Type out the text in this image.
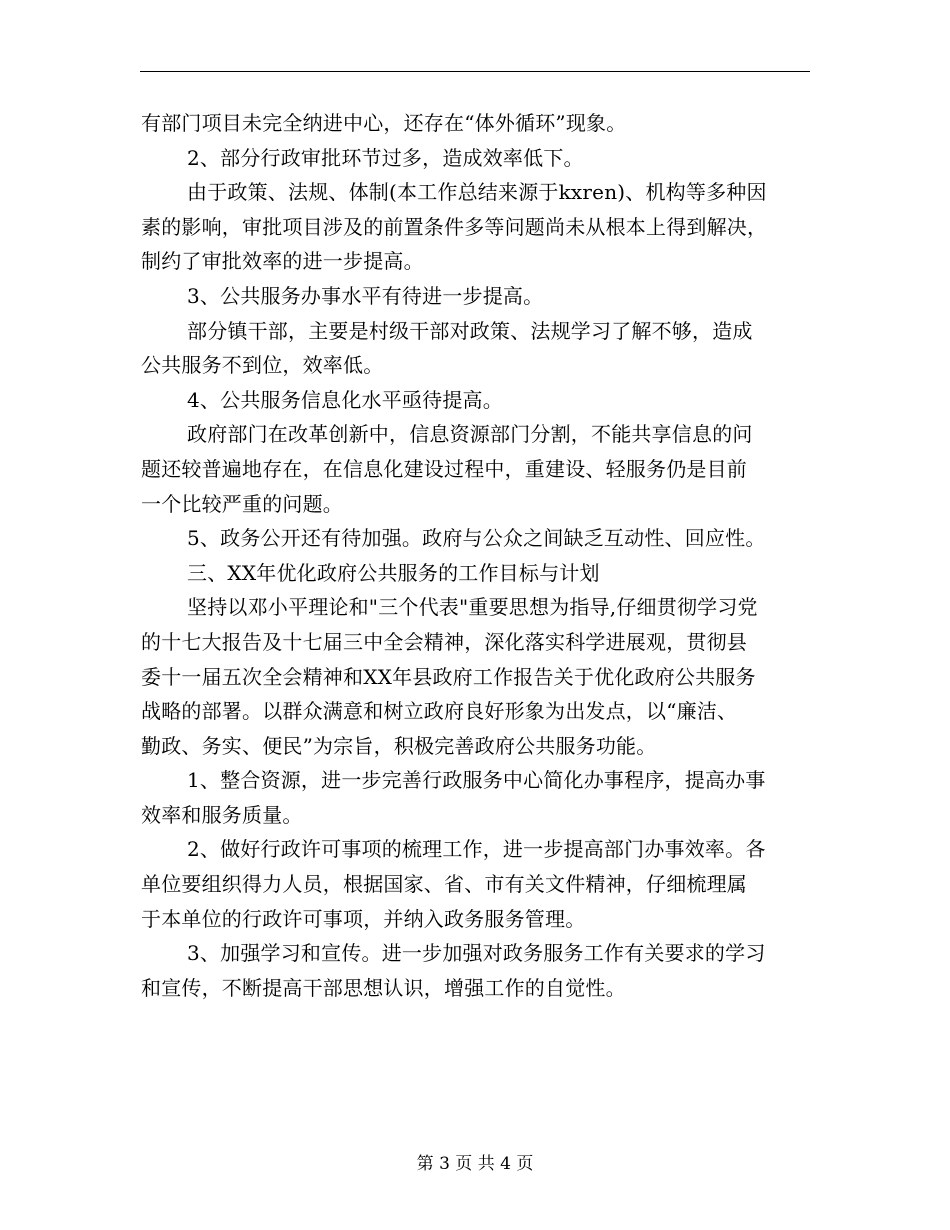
有部门项目未完全纳进中心，还存在“体外循环”现象。
2、部分行政审批环节过多，造成效率低下。
由于政策、法规、体制(本工作总结来源于kxren)、机构等多种因
素的影响，审批项目涉及的前置条件多等问题尚未从根本上得到解决，
制约了审批效率的进一步提高。
3、公共服务办事水平有待进一步提高。
部分镇干部，主要是村级干部对政策、法规学习了解不够，造成
公共服务不到位，效率低。
4、公共服务信息化水平亟待提高。
政府部门在改革创新中，信息资源部门分割，不能共享信息的问
题还较普遍地存在，在信息化建设过程中，重建设、轻服务仍是目前
一个比较严重的问题。
5、政务公开还有待加强。政府与公众之间缺乏互动性、回应性。
三、XX年优化政府公共服务的工作目标与计划
坚持以邓小平理论和"三个代表"重要思想为指导,仔细贯彻学习党
的十七大报告及十七届三中全会精神，深化落实科学进展观，贯彻县
委十一届五次全会精神和XX年县政府工作报告关于优化政府公共服务
战略的部署。以群众满意和树立政府良好形象为出发点，以“廉洁、
勤政、务实、便民”为宗旨，积极完善政府公共服务功能。
1、整合资源，进一步完善行政服务中心简化办事程序，提高办事
效率和服务质量。
2、做好行政许可事项的梳理工作，进一步提高部门办事效率。各
单位要组织得力人员，根据国家、省、市有关文件精神，仔细梳理属
于本单位的行政许可事项，并纳入政务服务管理。
3、加强学习和宣传。进一步加强对政务服务工作有关要求的学习
和宣传，不断提高干部思想认识，增强工作的自觉性。
第 3 页 共 4 页
